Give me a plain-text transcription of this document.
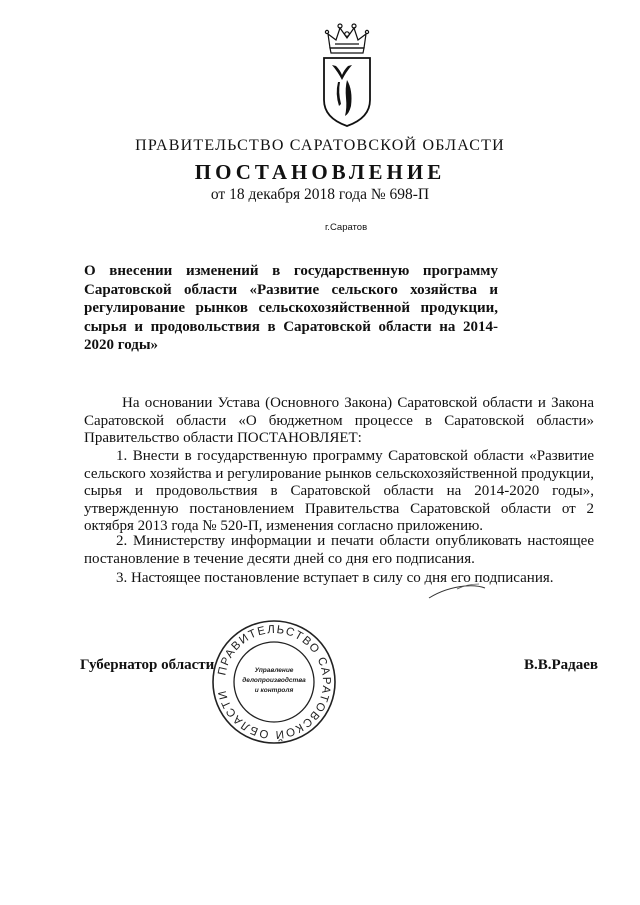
ПРАВИТЕЛЬСТВО САРАТОВСКОЙ ОБЛАСТИ
ПОСТАНОВЛЕНИЕ
от 18 декабря 2018 года № 698-П
г.Саратов
О внесении изменений в государственную программу Саратовской области «Развитие сельского хозяйства и регулирование рынков сельскохозяйственной продукции, сырья и продовольствия в Саратовской области на 2014-2020 годы»
На основании Устава (Основного Закона) Саратовской области и Закона Саратовской области «О бюджетном процессе в Саратовской области» Правительство области ПОСТАНОВЛЯЕТ:
1. Внести в государственную программу Саратовской области «Развитие сельского хозяйства и регулирование рынков сельскохозяйственной продукции, сырья и продовольствия в Саратовской области на 2014-2020 годы», утвержденную постановлением Правительства Саратовской области от 2 октября 2013 года № 520-П, изменения согласно приложению.
2. Министерству информации и печати области опубликовать настоящее постановление в течение десяти дней со дня его подписания.
3. Настоящее постановление вступает в силу со дня его подписания.
Губернатор области	В.В.Радаев
ПРАВИТЕЛЬСТВО САРАТОВСКОЙ ОБЛАСТИ
Управление
делопроизводства
и контроля
